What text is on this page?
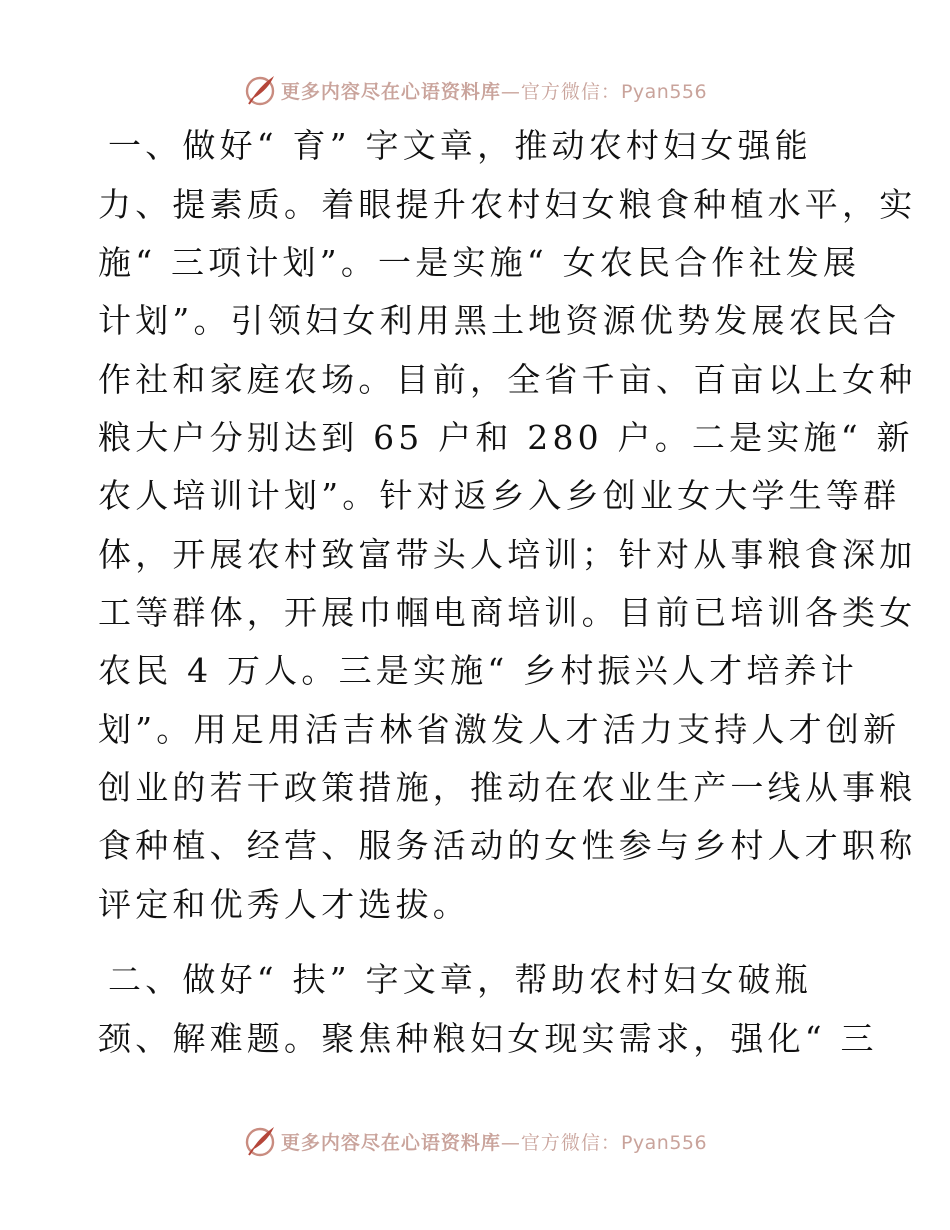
更多内容尽在心语资料库—官方微信：Pyan556
一、做好“ 育” 字文章，推动农村妇女强能
力、提素质。着眼提升农村妇女粮食种植水平，实
施“ 三项计划”。一是实施“ 女农民合作社发展
计划”。引领妇女利用黑土地资源优势发展农民合
作社和家庭农场。目前，全省千亩、百亩以上女种
粮大户分别达到 65 户和 280 户。二是实施“ 新
农人培训计划”。针对返乡入乡创业女大学生等群
体，开展农村致富带头人培训；针对从事粮食深加
工等群体，开展巾帼电商培训。目前已培训各类女
农民 4 万人。三是实施“ 乡村振兴人才培养计
划”。用足用活吉林省激发人才活力支持人才创新
创业的若干政策措施，推动在农业生产一线从事粮
食种植、经营、服务活动的女性参与乡村人才职称
评定和优秀人才选拔。
二、做好“ 扶” 字文章，帮助农村妇女破瓶
颈、解难题。聚焦种粮妇女现实需求，强化“ 三
更多内容尽在心语资料库—官方微信：Pyan556
